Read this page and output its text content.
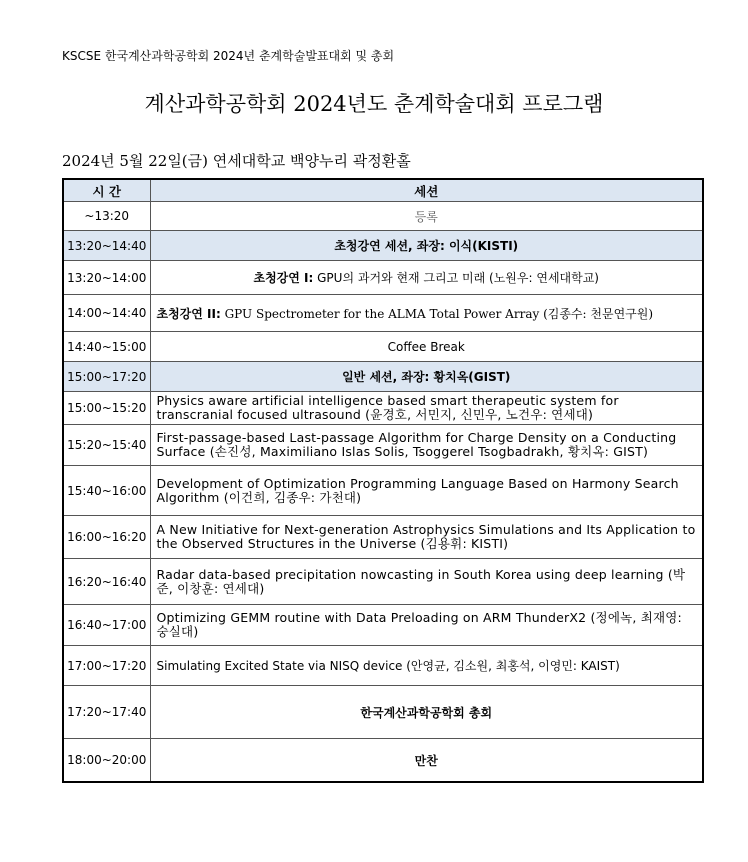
KSCSE 한국계산과학공학회 2024년 춘계학술발표대회 및 총회
계산과학공학회 2024년도 춘계학술대회 프로그램
2024년 5월 22일(금) 연세대학교 백양누리 곽정환홀
시 간	세션
~13:20	등록
13:20~14:40	초청강연 세션, 좌장: 이식(KISTI)
13:20~14:00	초청강연 I: GPU의 과거와 현재 그리고 미래 (노원우: 연세대학교)
14:00~14:40	초청강연 II: GPU Spectrometer for the ALMA Total Power Array (김종수: 천문연구원)
14:40~15:00	Coffee Break
15:00~17:20	일반 세션, 좌장: 황치옥(GIST)
15:00~15:20	Physics aware artificial intelligence based smart therapeutic system for transcranial focused ultrasound (윤경호, 서민지, 신민우, 노건우: 연세대)
15:20~15:40	First-passage-based Last-passage Algorithm for Charge Density on a Conducting Surface (손진성, Maximiliano Islas Solis, Tsoggerel Tsogbadrakh, 황치옥: GIST)
15:40~16:00	Development of Optimization Programming Language Based on Harmony Search Algorithm (이건희, 김종우: 가천대)
16:00~16:20	A New Initiative for Next-generation Astrophysics Simulations and Its Application to the Observed Structures in the Universe (김용휘: KISTI)
16:20~16:40	Radar data-based precipitation nowcasting in South Korea using deep learning (박준, 이창훈: 연세대)
16:40~17:00	Optimizing GEMM routine with Data Preloading on ARM ThunderX2 (정에녹, 최재영: 숭실대)
17:00~17:20	Simulating Excited State via NISQ device (안영균, 김소원, 최홍석, 이영민: KAIST)
17:20~17:40	한국계산과학공학회 총회
18:00~20:00	만찬
